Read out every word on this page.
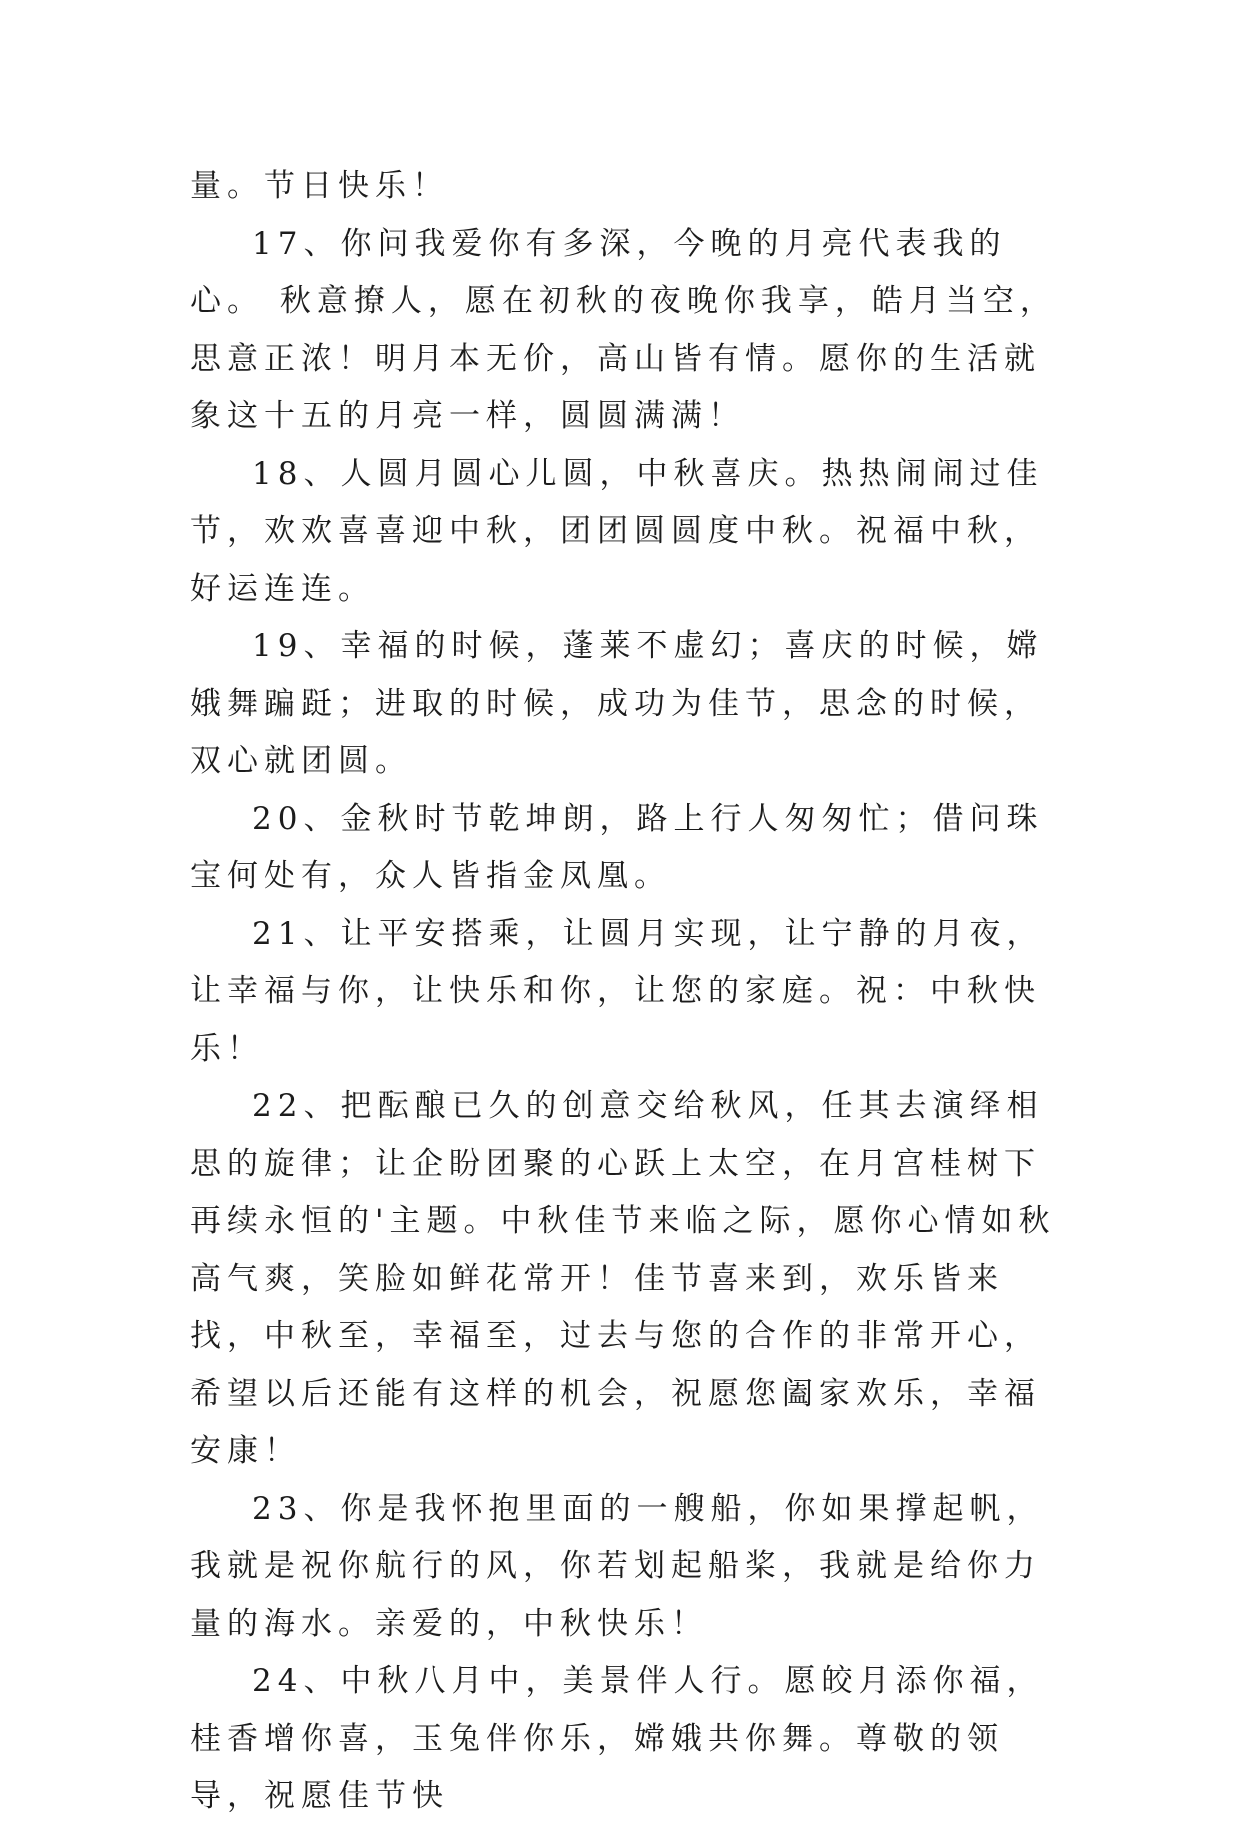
量。节日快乐！

17、你问我爱你有多深，今晚的月亮代表我的心。 秋意撩人，愿在初秋的夜晚你我享，皓月当空，思意正浓！明月本无价，高山皆有情。愿你的生活就象这十五的月亮一样，圆圆满满！

18、人圆月圆心儿圆，中秋喜庆。热热闹闹过佳节，欢欢喜喜迎中秋，团团圆圆度中秋。祝福中秋，好运连连。

19、幸福的时候，蓬莱不虚幻；喜庆的时候，嫦娥舞蹁跹；进取的时候，成功为佳节，思念的时候，双心就团圆。

20、金秋时节乾坤朗，路上行人匆匆忙；借问珠宝何处有，众人皆指金凤凰。

21、让平安搭乘，让圆月实现，让宁静的月夜，让幸福与你，让快乐和你，让您的家庭。祝：中秋快乐！

22、把酝酿已久的创意交给秋风，任其去演绎相思的旋律；让企盼团聚的心跃上太空，在月宫桂树下再续永恒的'主题。中秋佳节来临之际，愿你心情如秋高气爽，笑脸如鲜花常开！佳节喜来到，欢乐皆来找，中秋至，幸福至，过去与您的合作的非常开心，希望以后还能有这样的机会，祝愿您阖家欢乐，幸福安康！

23、你是我怀抱里面的一艘船，你如果撑起帆，我就是祝你航行的风，你若划起船桨，我就是给你力量的海水。亲爱的，中秋快乐！

24、中秋八月中，美景伴人行。愿皎月添你福，桂香增你喜，玉兔伴你乐，嫦娥共你舞。尊敬的领导，祝愿佳节快
